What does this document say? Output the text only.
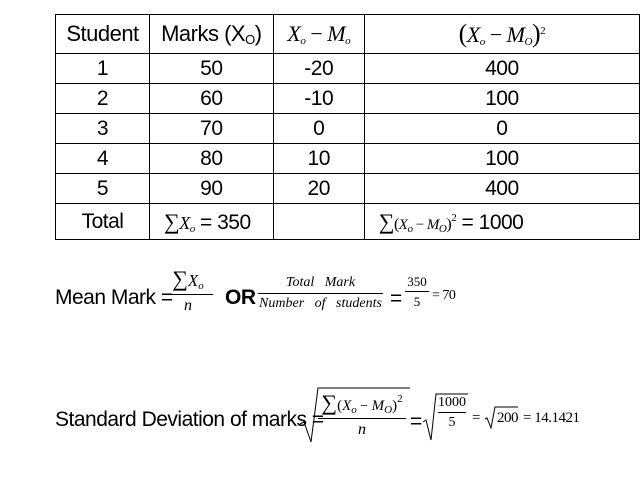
Student	Marks $(X_O)$	$X_o - M_o$	$(X_o - M_O)^2$
1	50	-20	400
2	60	-10	100
3	70	0	0
4	80	10	100
5	90	20	400
Total	$\sum X_o = 350$		$\sum(X_o - M_O)^2 = 1000$
Mean Mark =
$\sum X_o$
n	OR
Total   Mark
Number   of   students =
350
5 = 70
Standard Deviation of marks =
$\sum(X_o - M_O)^2$
n	=
1000
5	= 200 = 14.1421
